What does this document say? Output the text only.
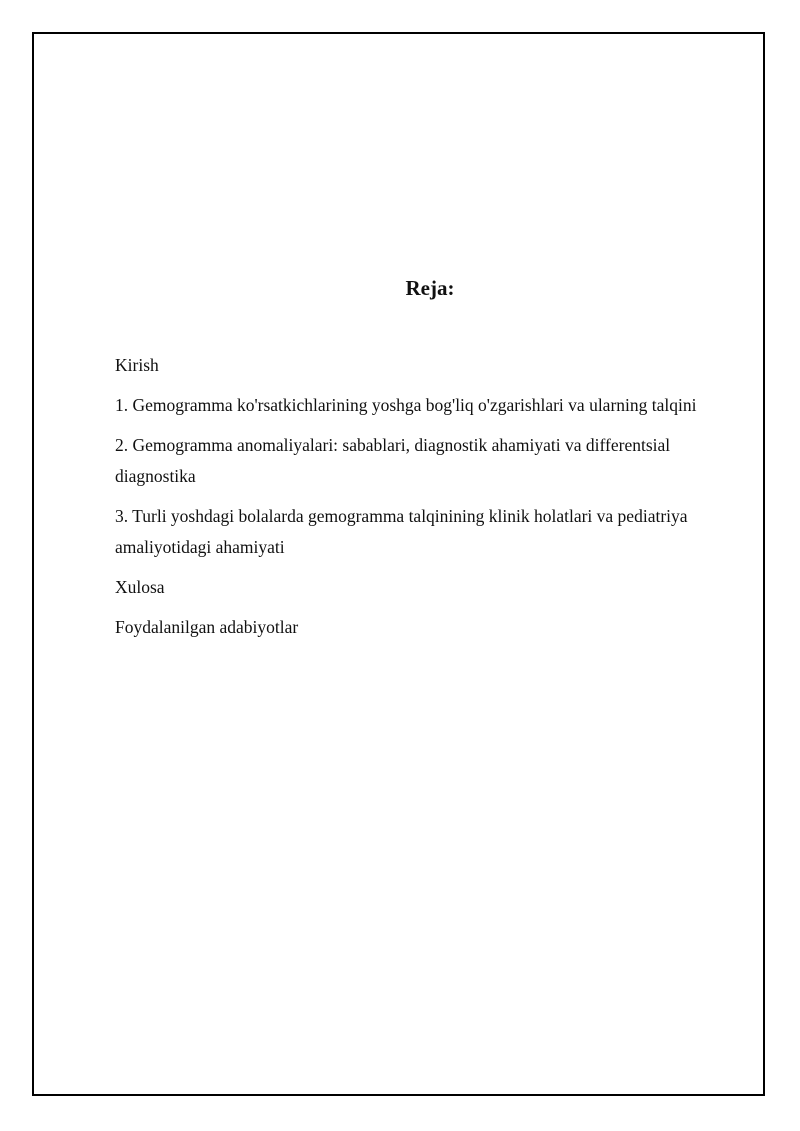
Reja:

Kirish

1. Gemogramma ko'rsatkichlarining yoshga bog'liq o'zgarishlari va ularning talqini

2. Gemogramma anomaliyalari: sabablari, diagnostik ahamiyati va differentsial diagnostika

3. Turli yoshdagi bolalarda gemogramma talqinining klinik holatlari va pediatriya amaliyotidagi ahamiyati

Xulosa

Foydalanilgan adabiyotlar
